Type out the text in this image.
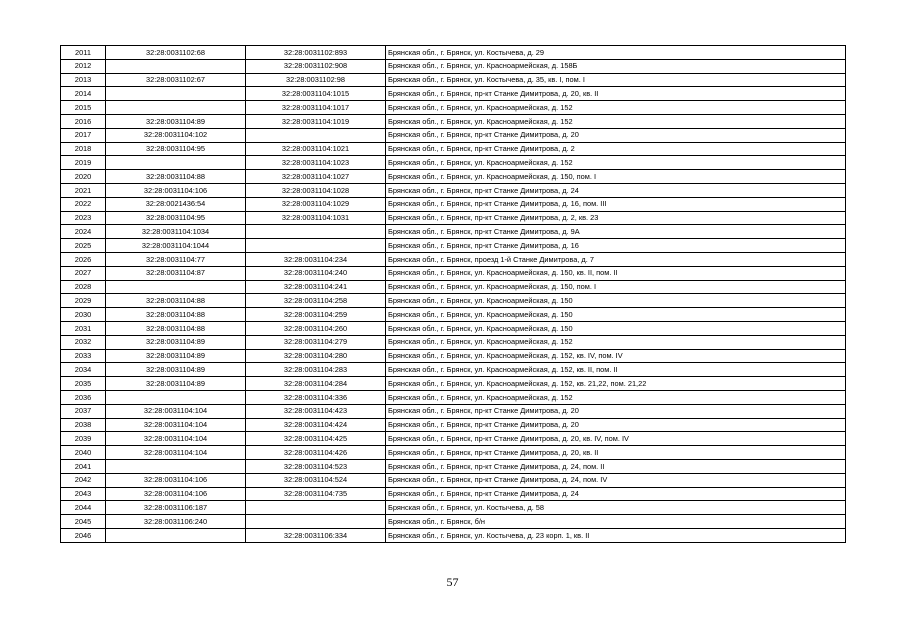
2011	32:28:0031102:68	32:28:0031102:893	Брянская обл., г. Брянск, ул. Костычева, д. 29
2012		32:28:0031102:908	Брянская обл., г. Брянск, ул. Красноармейская, д. 158Б
2013	32:28:0031102:67	32:28:0031102:98	Брянская обл., г. Брянск, ул. Костычева, д. 35, кв. I, пом. I
2014		32:28:0031104:1015	Брянская обл., г. Брянск, пр-кт Станке Димитрова, д. 20, кв. II
2015		32:28:0031104:1017	Брянская обл., г. Брянск, ул. Красноармейская, д. 152
2016	32:28:0031104:89	32:28:0031104:1019	Брянская обл., г. Брянск, ул. Красноармейская, д. 152
2017	32:28:0031104:102		Брянская обл., г. Брянск, пр-кт Станке Димитрова, д. 20
2018	32:28:0031104:95	32:28:0031104:1021	Брянская обл., г. Брянск, пр-кт Станке Димитрова, д. 2
2019		32:28:0031104:1023	Брянская обл., г. Брянск, ул. Красноармейская, д. 152
2020	32:28:0031104:88	32:28:0031104:1027	Брянская обл., г. Брянск, ул. Красноармейская, д. 150, пом. I
2021	32:28:0031104:106	32:28:0031104:1028	Брянская обл., г. Брянск, пр-кт Станке Димитрова, д. 24
2022	32:28:0021436:54	32:28:0031104:1029	Брянская обл., г. Брянск, пр-кт Станке Димитрова, д. 16, пом. III
2023	32:28:0031104:95	32:28:0031104:1031	Брянская обл., г. Брянск, пр-кт Станке Димитрова, д. 2, кв. 23
2024	32:28:0031104:1034		Брянская обл., г. Брянск, пр-кт Станке Димитрова, д. 9А
2025	32:28:0031104:1044		Брянская обл., г. Брянск, пр-кт Станке Димитрова, д. 16
2026	32:28:0031104:77	32:28:0031104:234	Брянская обл., г. Брянск, проезд 1-й Станке Димитрова, д. 7
2027	32:28:0031104:87	32:28:0031104:240	Брянская обл., г. Брянск, ул. Красноармейская, д. 150, кв. II, пом. II
2028		32:28:0031104:241	Брянская обл., г. Брянск, ул. Красноармейская, д. 150, пом. I
2029	32:28:0031104:88	32:28:0031104:258	Брянская обл., г. Брянск, ул. Красноармейская, д. 150
2030	32:28:0031104:88	32:28:0031104:259	Брянская обл., г. Брянск, ул. Красноармейская, д. 150
2031	32:28:0031104:88	32:28:0031104:260	Брянская обл., г. Брянск, ул. Красноармейская, д. 150
2032	32:28:0031104:89	32:28:0031104:279	Брянская обл., г. Брянск, ул. Красноармейская, д. 152
2033	32:28:0031104:89	32:28:0031104:280	Брянская обл., г. Брянск, ул. Красноармейская, д. 152, кв. IV, пом. IV
2034	32:28:0031104:89	32:28:0031104:283	Брянская обл., г. Брянск, ул. Красноармейская, д. 152, кв. II, пом. II
2035	32:28:0031104:89	32:28:0031104:284	Брянская обл., г. Брянск, ул. Красноармейская, д. 152, кв. 21,22, пом. 21,22
2036		32:28:0031104:336	Брянская обл., г. Брянск, ул. Красноармейская, д. 152
2037	32:28:0031104:104	32:28:0031104:423	Брянская обл., г. Брянск, пр-кт Станке Димитрова, д. 20
2038	32:28:0031104:104	32:28:0031104:424	Брянская обл., г. Брянск, пр-кт Станке Димитрова, д. 20
2039	32:28:0031104:104	32:28:0031104:425	Брянская обл., г. Брянск, пр-кт Станке Димитрова, д. 20, кв. IV, пом. IV
2040	32:28:0031104:104	32:28:0031104:426	Брянская обл., г. Брянск, пр-кт Станке Димитрова, д. 20, кв. II
2041		32:28:0031104:523	Брянская обл., г. Брянск, пр-кт Станке Димитрова, д. 24, пом. II
2042	32:28:0031104:106	32:28:0031104:524	Брянская обл., г. Брянск, пр-кт Станке Димитрова, д. 24, пом. IV
2043	32:28:0031104:106	32:28:0031104:735	Брянская обл., г. Брянск, пр-кт Станке Димитрова, д. 24
2044	32:28:0031106:187		Брянская обл., г. Брянск, ул. Костычева, д. 58
2045	32:28:0031106:240		Брянская обл., г. Брянск, б/н
2046		32:28:0031106:334	Брянская обл., г. Брянск, ул. Костычева, д. 23 корп. 1, кв. II
57
